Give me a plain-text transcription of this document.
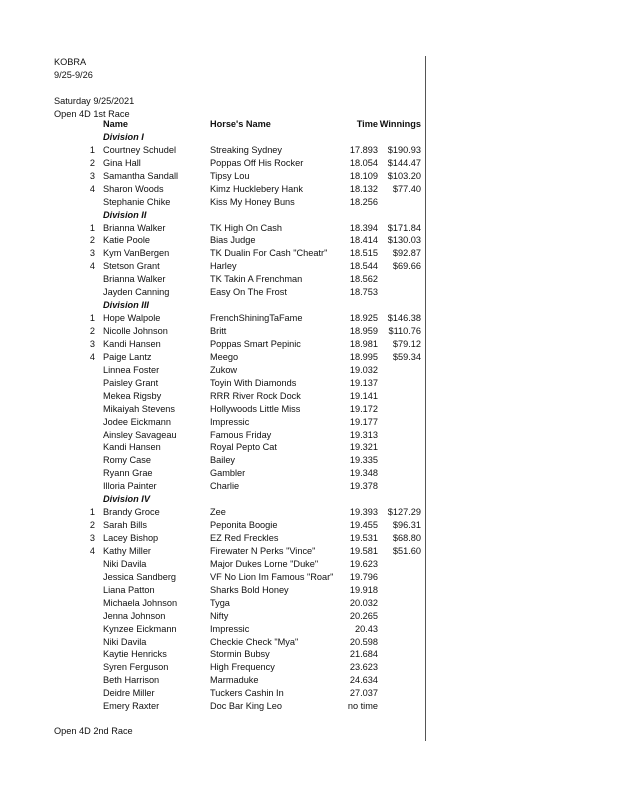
KOBRA
9/25-9/26
Saturday 9/25/2021
Open 4D 1st Race
Name	Horse's Name	Time Winnings
Division I
1 Courtney Schudel	Streaking Sydney	17.893	$190.93
2 Gina Hall	Poppas Off His Rocker	18.054	$144.47
3 Samantha Sandall	Tipsy Lou	18.109	$103.20
4 Sharon Woods	Kimz Hucklebery Hank	18.132	$77.40
Stephanie Chike	Kiss My Honey Buns	18.256
Division II
1 Brianna Walker	TK High On Cash	18.394	$171.84
2 Katie Poole	Bias Judge	18.414	$130.03
3 Kym VanBergen	TK Dualin For Cash "Cheatr"	18.515	$92.87
4 Stetson Grant	Harley	18.544	$69.66
Brianna Walker	TK Takin A Frenchman	18.562
Jayden Canning	Easy On The Frost	18.753
Division III
1 Hope Walpole	FrenchShiningTaFame	18.925	$146.38
2 Nicolle Johnson	Britt	18.959	$110.76
3 Kandi Hansen	Poppas Smart Pepinic	18.981	$79.12
4 Paige Lantz	Meego	18.995	$59.34
Linnea Foster	Zukow	19.032
Paisley Grant	Toyin With Diamonds	19.137
Mekea Rigsby	RRR River Rock Dock	19.141
Mikaiyah Stevens	Hollywoods Little Miss	19.172
Jodee Eickmann	Impressic	19.177
Ainsley Savageau	Famous Friday	19.313
Kandi Hansen	Royal Pepto Cat	19.321
Romy Case	Bailey	19.335
Ryann Grae	Gambler	19.348
Illoria Painter	Charlie	19.378
Division IV
1 Brandy Groce	Zee	19.393	$127.29
2 Sarah Bills	Peponita Boogie	19.455	$96.31
3 Lacey Bishop	EZ Red Freckles	19.531	$68.80
4 Kathy Miller	Firewater N Perks "Vince"	19.581	$51.60
Niki Davila	Major Dukes Lorne "Duke"	19.623
Jessica Sandberg	VF No Lion Im Famous "Roar"	19.796
Liana Patton	Sharks Bold Honey	19.918
Michaela Johnson	Tyga	20.032
Jenna Johnson	Nifty	20.265
Kynzee Eickmann	Impressic	20.43
Niki Davila	Checkie Check "Mya"	20.598
Kaytie Henricks	Stormin Bubsy	21.684
Syren Ferguson	High Frequency	23.623
Beth Harrison	Marmaduke	24.634
Deidre Miller	Tuckers Cashin In	27.037
Emery Raxter	Doc Bar King Leo	no time
Open 4D 2nd Race
